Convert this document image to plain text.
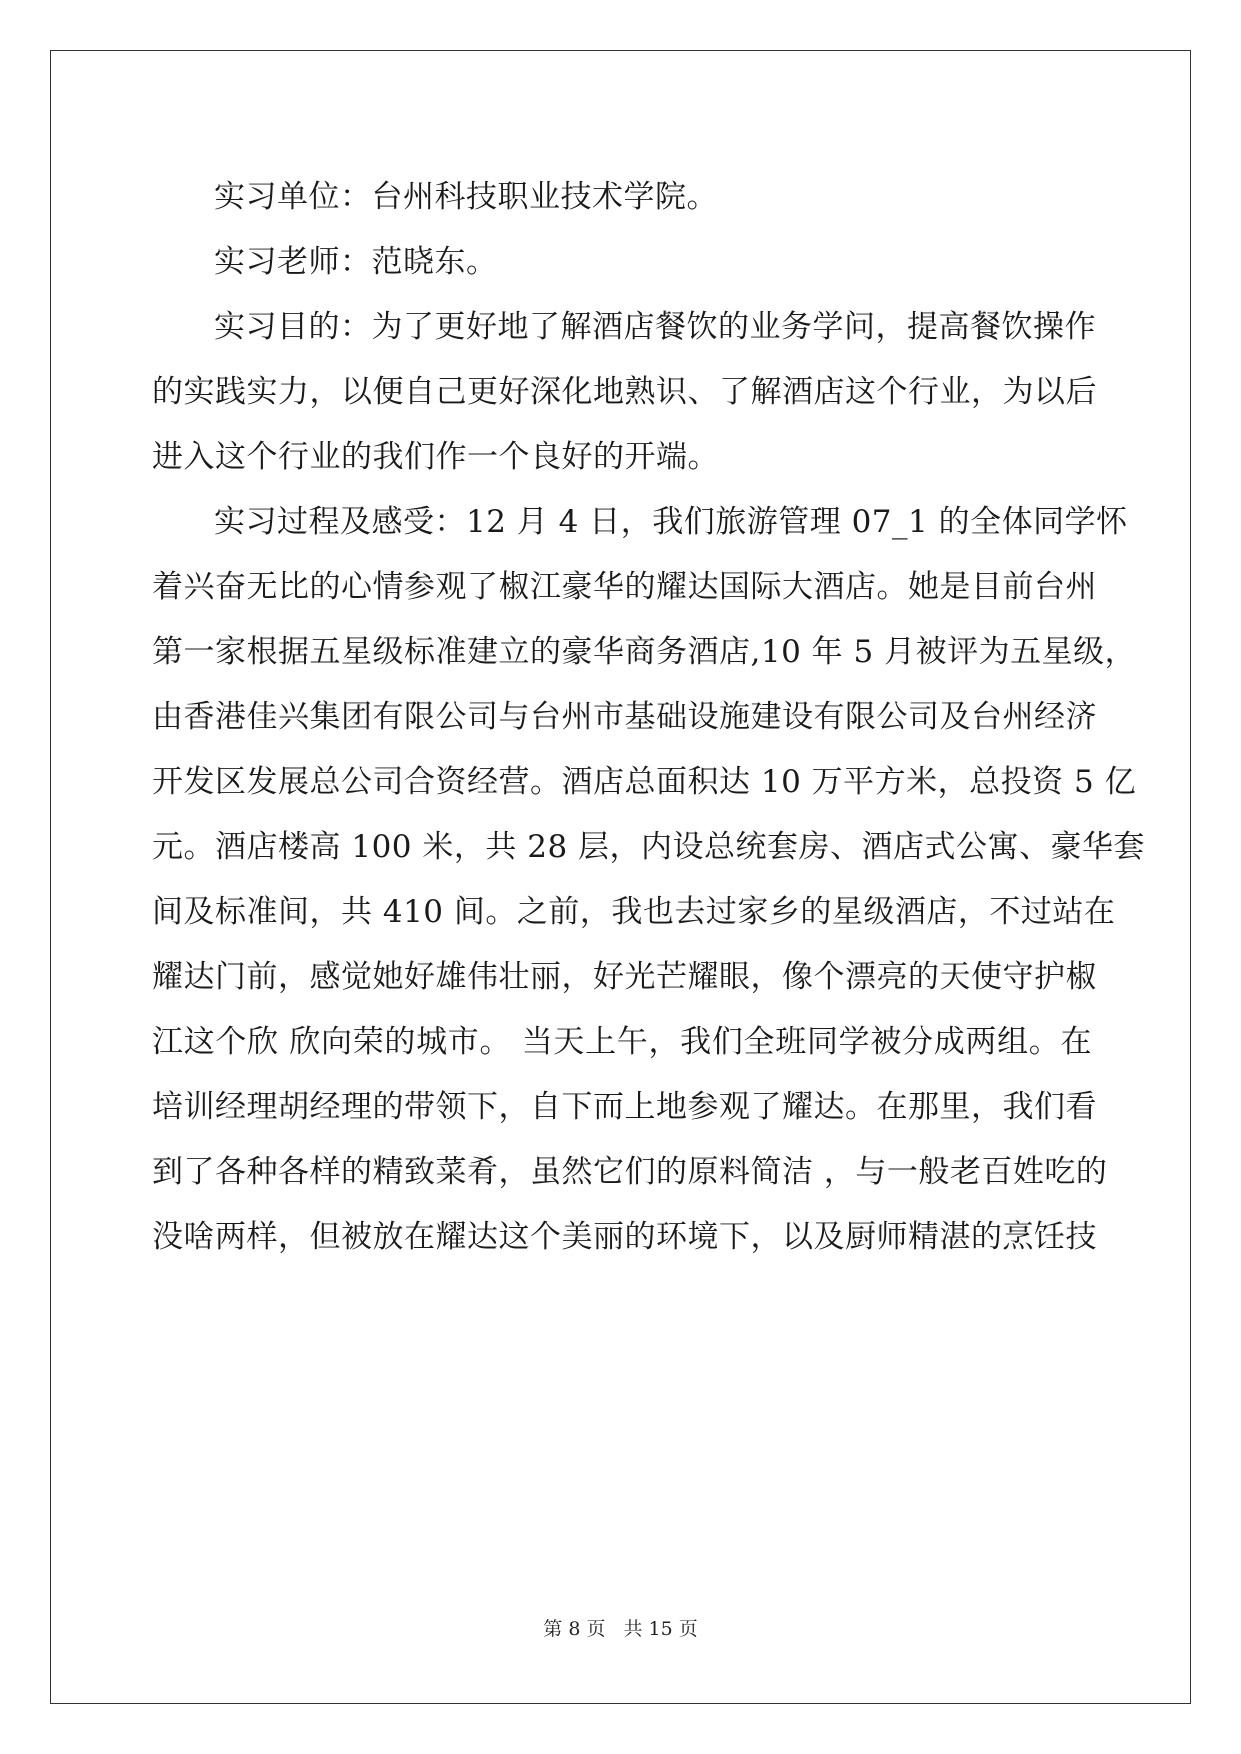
实习单位：台州科技职业技术学院。

实习老师：范晓东。

实习目的：为了更好地了解酒店餐饮的业务学问，提高餐饮操作
的实践实力，以便自己更好深化地熟识、了解酒店这个行业，为以后
进入这个行业的我们作一个良好的开端。

实习过程及感受：12 月 4 日，我们旅游管理 07_1 的全体同学怀
着兴奋无比的心情参观了椒江豪华的耀达国际大酒店。她是目前台州
第一家根据五星级标准建立的豪华商务酒店,10 年 5 月被评为五星级，
由香港佳兴集团有限公司与台州市基础设施建设有限公司及台州经济
开发区发展总公司合资经营。酒店总面积达 10 万平方米，总投资 5 亿
元。酒店楼高 100 米，共 28 层，内设总统套房、酒店式公寓、豪华套
间及标准间，共 410 间。之前，我也去过家乡的星级酒店，不过站在
耀达门前，感觉她好雄伟壮丽，好光芒耀眼，像个漂亮的天使守护椒
江这个欣 欣向荣的城市。 当天上午，我们全班同学被分成两组。在
培训经理胡经理的带领下，自下而上地参观了耀达。在那里，我们看
到了各种各样的精致菜肴，虽然它们的原料简洁 ，与一般老百姓吃的
没啥两样，但被放在耀达这个美丽的环境下，以及厨师精湛的烹饪技

第 8 页 共 15 页
